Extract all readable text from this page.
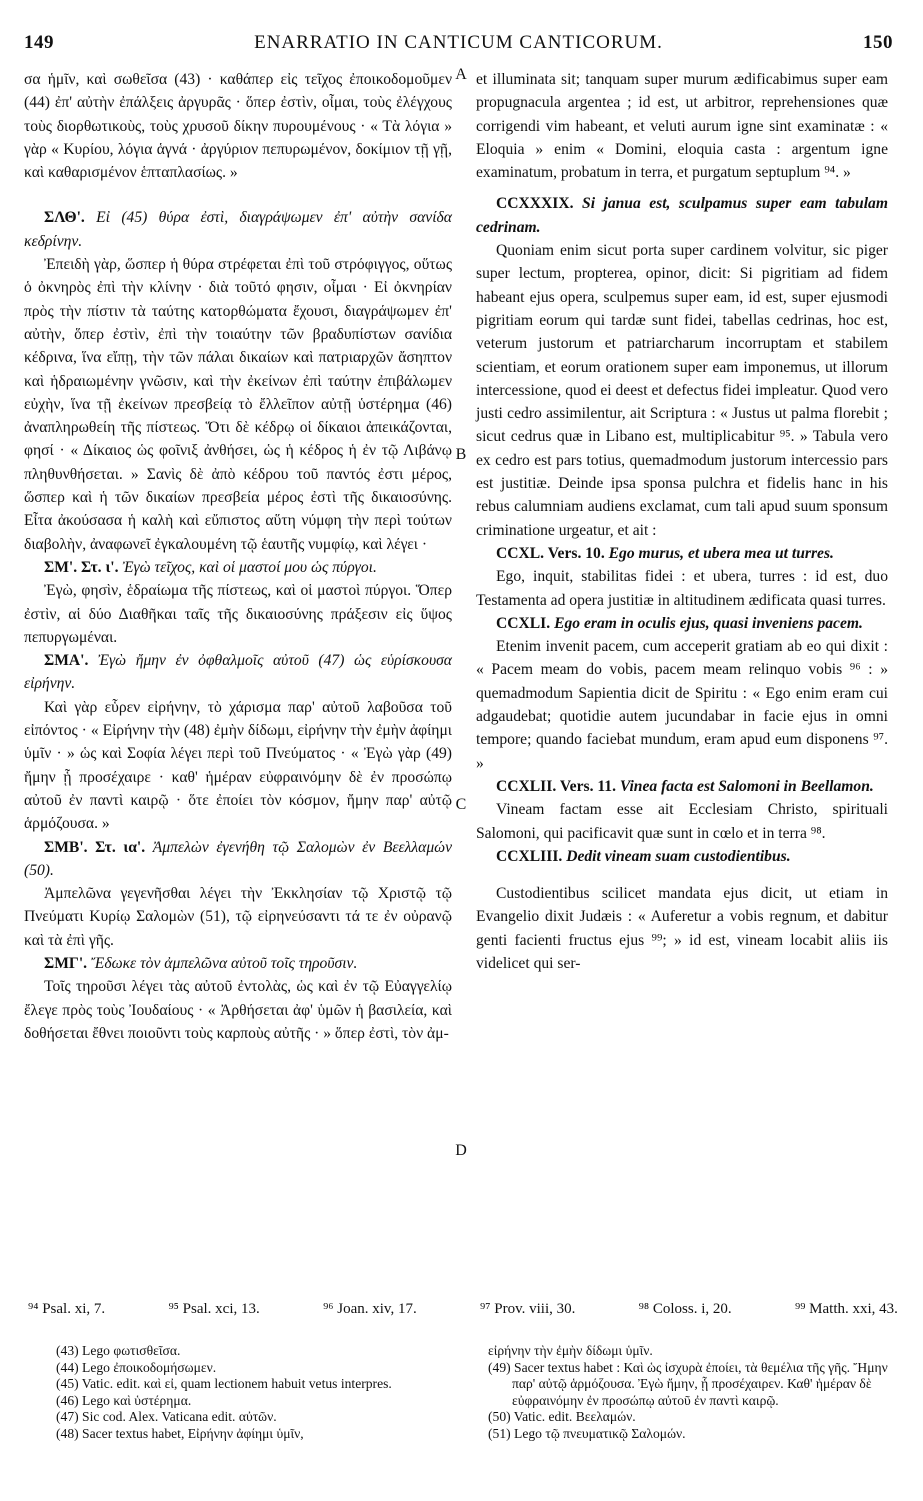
149	ENARRATIO IN CANTICUM CANTICORUM.	150
A
B
C
D

σα ἡμῖν, καὶ σωθεῖσα (43) · καθάπερ εἰς τεῖχος ἐποικοδομοῦμεν (44) ἐπ' αὐτὴν ἐπάλξεις ἀργυρᾶς · ὅπερ ἐστὶν, οἶμαι, τοὺς ἐλέγχους τοὺς διορθωτικοὺς, τοὺς χρυσοῦ δίκην πυρουμένους · « Τὰ λόγια » γὰρ « Κυρίου, λόγια ἁγνά · ἀργύριον πεπυρωμένον, δοκίμιον τῇ γῇ, καὶ καθαρισμένον ἑπταπλασίως. »

ΣΛΘ'. Εἰ (45) θύρα ἐστὶ, διαγράψωμεν ἐπ' αὐτὴν σανίδα κεδρίνην.

Ἐπειδὴ γὰρ, ὥσπερ ἡ θύρα στρέφεται ἐπὶ τοῦ στρόφιγγος, οὕτως ὁ ὀκνηρὸς ἐπὶ τὴν κλίνην · διὰ τοῦτό φησιν, οἶμαι · Εἰ ὀκνηρίαν πρὸς τὴν πίστιν τὰ ταύτης κατορθώματα ἔχουσι, διαγράψωμεν ἐπ' αὐτὴν, ὅπερ ἐστὶν, ἐπὶ τὴν τοιαύτην τῶν βραδυπίστων σανίδια κέδρινα, ἵνα εἴπῃ, τὴν τῶν πάλαι δικαίων καὶ πατριαρχῶν ἄσηπτον καὶ ἡδραιωμένην γνῶσιν, καὶ τὴν ἐκείνων ἐπὶ ταύτην ἐπιβάλωμεν εὐχὴν, ἵνα τῇ ἐκείνων πρεσβείᾳ τὸ ἔλλεῖπον αὐτῇ ὑστέρημα (46) ἀναπληρωθείη τῆς πίστεως. Ὅτι δὲ κέδρῳ οἱ δίκαιοι ἀπεικάζονται, φησί · « Δίκαιος ὡς φοῖνιξ ἀνθήσει, ὡς ἡ κέδρος ἡ ἐν τῷ Λιβάνῳ πληθυνθήσεται. » Σανὶς δὲ ἀπὸ κέδρου τοῦ παντός ἐστι μέρος, ὥσπερ καὶ ἡ τῶν δικαίων πρεσβεία μέρος ἐστὶ τῆς δικαιοσύνης. Εἶτα ἀκούσασα ἡ καλὴ καὶ εὔπιστος αὕτη νύμφη τὴν περὶ τούτων διαβολὴν, ἀναφωνεῖ ἐγκαλουμένη τῷ ἑαυτῆς νυμφίῳ, καὶ λέγει ·

ΣΜ'. Στ. ι'. Ἐγὼ τεῖχος, καὶ οἱ μαστοί μου ὡς πύργοι.

Ἐγὼ, φησὶν, ἑδραίωμα τῆς πίστεως, καὶ οἱ μαστοὶ πύργοι. Ὅπερ ἐστὶν, αἱ δύο Διαθῆκαι ταῖς τῆς δικαιοσύνης πράξεσιν εἰς ὕψος πεπυργωμέναι.

ΣΜΑ'. Ἐγὼ ἤμην ἐν ὀφθαλμοῖς αὐτοῦ (47) ὡς εὑρίσκουσα εἰρήνην.

Καὶ γὰρ εὗρεν εἰρήνην, τὸ χάρισμα παρ' αὐτοῦ λαβοῦσα τοῦ εἰπόντος · « Εἰρήνην τὴν (48) ἐμὴν δίδωμι, εἰρήνην τὴν ἐμὴν ἀφίημι ὑμῖν · » ὡς καὶ Σοφία λέγει περὶ τοῦ Πνεύματος · « Ἐγὼ γὰρ (49) ἤμην ᾗ προσέχαιρε · καθ' ἡμέραν εὐφραινόμην δὲ ἐν προσώπῳ αὐτοῦ ἐν παντὶ καιρῷ · ὅτε ἐποίει τὸν κόσμον, ἤμην παρ' αὐτῷ ἁρμόζουσα. »

ΣΜΒ'. Στ. ια'. Ἀμπελὼν ἐγενήθη τῷ Σαλομὼν ἐν Βεελλαμών (50).

Ἀμπελῶνα γεγενῆσθαι λέγει τὴν Ἐκκλησίαν τῷ Χριστῷ τῷ Πνεύματι Κυρίῳ Σαλομὼν (51), τῷ εἰρηνεύσαντι τά τε ἐν οὐρανῷ καὶ τὰ ἐπὶ γῆς.

ΣΜΓ'. Ἔδωκε τὸν ἀμπελῶνα αὐτοῦ τοῖς τηροῦσιν.

Τοῖς τηροῦσι λέγει τὰς αὐτοῦ ἐντολὰς, ὡς καὶ ἐν τῷ Εὐαγγελίῳ ἔλεγε πρὸς τοὺς Ἰουδαίους · « Ἀρθήσεται ἀφ' ὑμῶν ἡ βασιλεία, καὶ δοθήσεται ἔθνει ποιοῦντι τοὺς καρποὺς αὐτῆς · » ὅπερ ἐστὶ, τὸν ἀμ-

et illuminata sit; tanquam super murum ædificabimus super eam propugnacula argentea ; id est, ut arbitror, reprehensiones quæ corrigendi vim habeant, et veluti aurum igne sint examinatæ : « Eloquia » enim « Domini, eloquia casta : argentum igne examinatum, probatum in terra, et purgatum septuplum ⁹⁴. »

CCXXXIX. Si janua est, sculpamus super eam tabulam cedrinam.

Quoniam enim sicut porta super cardinem volvitur, sic piger super lectum, propterea, opinor, dicit: Si pigritiam ad fidem habeant ejus opera, sculpemus super eam, id est, super ejusmodi pigritiam eorum qui tardæ sunt fidei, tabellas cedrinas, hoc est, veterum justorum et patriarcharum incorruptam et stabilem scientiam, et eorum orationem super eam imponemus, ut illorum intercessione, quod ei deest et defectus fidei impleatur. Quod vero justi cedro assimilentur, ait Scriptura : « Justus ut palma florebit ; sicut cedrus quæ in Libano est, multiplicabitur ⁹⁵. » Tabula vero ex cedro est pars totius, quemadmodum justorum intercessio pars est justitiæ. Deinde ipsa sponsa pulchra et fidelis hanc in his rebus calumniam audiens exclamat, cum tali apud suum sponsum criminatione urgeatur, et ait :

CCXL. Vers. 10. Ego murus, et ubera mea ut turres.

Ego, inquit, stabilitas fidei : et ubera, turres : id est, duo Testamenta ad opera justitiæ in altitudinem ædificata quasi turres.

CCXLI. Ego eram in oculis ejus, quasi inveniens pacem.

Etenim invenit pacem, cum acceperit gratiam ab eo qui dixit : « Pacem meam do vobis, pacem meam relinquo vobis ⁹⁶ : » quemadmodum Sapientia dicit de Spiritu : « Ego enim eram cui adgaudebat; quotidie autem jucundabar in facie ejus in omni tempore; quando faciebat mundum, eram apud eum disponens ⁹⁷. »

CCXLII. Vers. 11. Vinea facta est Salomoni in Beellamon.

Vineam factam esse ait Ecclesiam Christo, spirituali Salomoni, qui pacificavit quæ sunt in cœlo et in terra ⁹⁸.

CCXLIII. Dedit vineam suam custodientibus.

Custodientibus scilicet mandata ejus dicit, ut etiam in Evangelio dixit Judæis : « Auferetur a vobis regnum, et dabitur genti facienti fructus ejus ⁹⁹; » id est, vineam locabit aliis iis videlicet qui ser-

⁹⁴ Psal. xi, 7.	⁹⁵ Psal. xci, 13.	⁹⁶ Joan. xiv, 17.	⁹⁷ Prov. viii, 30.	⁹⁸ Coloss. i, 20.	⁹⁹ Matth. xxi, 43.

(43) Lego φωτισθεῖσα.

(44) Lego ἐποικοδομήσωμεν.

(45) Vatic. edit. καὶ εἰ, quam lectionem habuit vetus interpres.

(46) Lego καὶ ὑστέρημα.

(47) Sic cod. Alex. Vaticana edit. αὐτῶν.

(48) Sacer textus habet, Εἰρήνην ἀφίημι ὑμῖν,

εἰρήνην τὴν ἐμὴν δίδωμι ὑμῖν.

(49) Sacer textus habet : Καὶ ὡς ἰσχυρὰ ἐποίει, τὰ θεμέλια τῆς γῆς. Ἤμην παρ' αὐτῷ ἁρμόζουσα. Ἐγὼ ἤμην, ᾗ προσέχαιρεν. Καθ' ἡμέραν δὲ εὐφραινόμην ἐν προσώπῳ αὐτοῦ ἐν παντὶ καιρῷ.

(50) Vatic. edit. Βεελαμών.

(51) Lego τῷ πνευματικῷ Σαλομών.
